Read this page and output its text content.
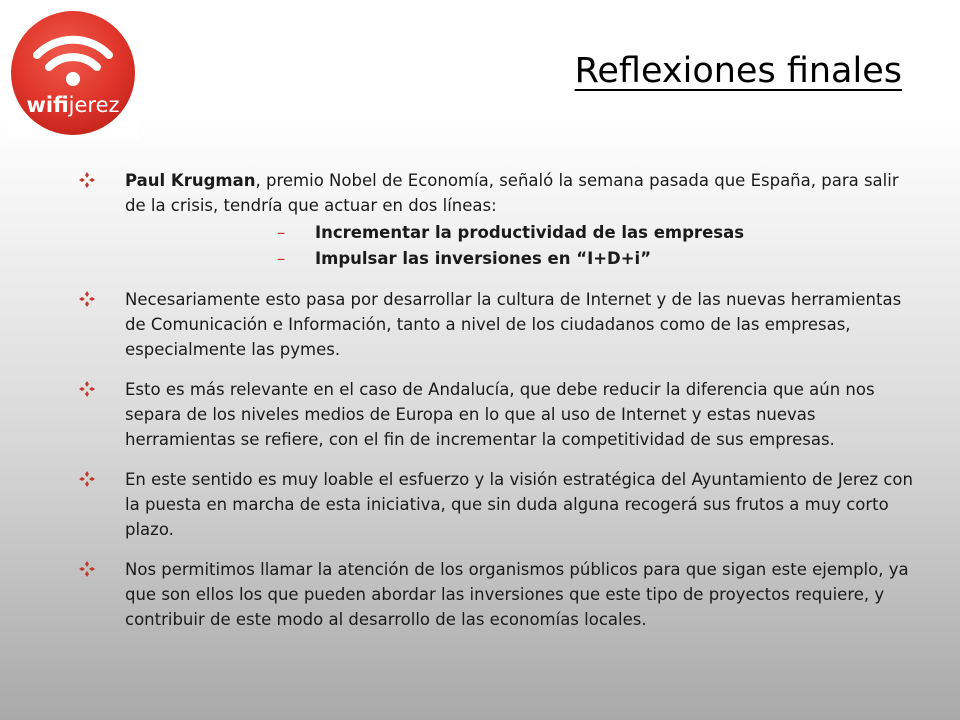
wifijerez
Reflexiones finales
Paul Krugman, premio Nobel de Economía, señaló la semana pasada que España, para salir de la crisis, tendría que actuar en dos líneas:
– Incrementar la productividad de las empresas
– Impulsar las inversiones en “I+D+i”
Necesariamente esto pasa por desarrollar la cultura de Internet y de las nuevas herramientas de Comunicación e Información, tanto a nivel de los ciudadanos como de las empresas, especialmente las pymes.
Esto es más relevante en el caso de Andalucía, que debe reducir la diferencia que aún nos separa de los niveles medios de Europa en lo que al uso de Internet y estas nuevas herramientas se refiere, con el fin de incrementar la competitividad de sus empresas.
En este sentido es muy loable el esfuerzo y la visión estratégica del Ayuntamiento de Jerez con la puesta en marcha de esta iniciativa, que sin duda alguna recogerá sus frutos a muy corto plazo.
Nos permitimos llamar la atención de los organismos públicos para que sigan este ejemplo, ya que son ellos los que pueden abordar las inversiones que este tipo de proyectos requiere, y contribuir de este modo al desarrollo de las economías locales.
